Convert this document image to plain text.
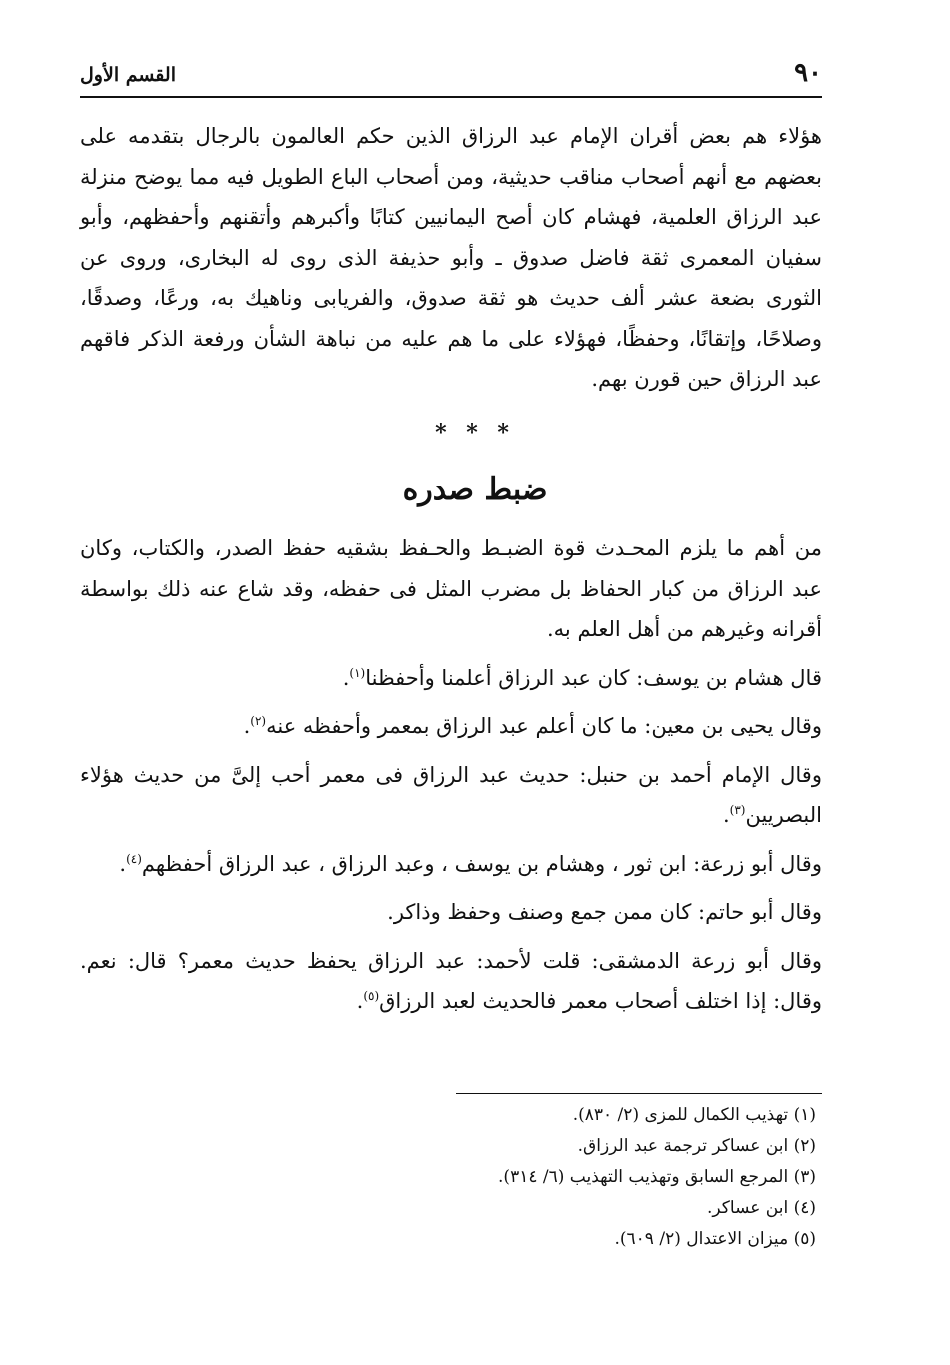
٩٠
القسم الأول
هؤلاء هم بعض أقران الإمام عبد الرزاق الذين حكم العالمون بالرجال بتقدمه على بعضهم مع أنهم أصحاب مناقب حديثية، ومن أصحاب الباع الطويل فيه مما يوضح منزلة عبد الرزاق العلمية، فهشام كان أصح اليمانيين كتابًا وأكبرهم وأتقنهم وأحفظهم، وأبو سفيان المعمرى ثقة فاضل صدوق ـ وأبو حذيفة الذى روى له البخارى، وروى عن الثورى بضعة عشر ألف حديث هو ثقة صدوق، والفريابى وناهيك به، ورعًا، وصدقًا، وصلاحًا، وإتقانًا، وحفظًا، فهؤلاء على ما هم عليه من نباهة الشأن ورفعة الذكر فاقهم عبد الرزاق حين قورن بهم.
* * *
ضبط صدره

من أهم ما يلزم المحـدث قوة الضبـط والحـفظ بشقيه حفظ الصدر، والكتاب، وكان عبد الرزاق من كبار الحفاظ بل مضرب المثل فى حفظه، وقد شاع عنه ذلك بواسطة أقرانه وغيرهم من أهل العلم به.

قال هشام بن يوسف: كان عبد الرزاق أعلمنا وأحفظنا$^{(١)}$.

وقال يحيى بن معين: ما كان أعلم عبد الرزاق بمعمر وأحفظه عنه$^{(٢)}$.

وقال الإمام أحمد بن حنبل: حديث عبد الرزاق فى معمر أحب إلىَّ من حديث هؤلاء البصريين$^{(٣)}$.

وقال أبو زرعة: ابن ثور ، وهشام بن يوسف ، وعبد الرزاق ، عبد الرزاق أحفظهم$^{(٤)}$.

وقال أبو حاتم: كان ممن جمع وصنف وحفظ وذاكر.

وقال أبو زرعة الدمشقى: قلت لأحمد: عبد الرزاق يحفظ حديث معمر؟ قال: نعم. وقال: إذا اختلف أصحاب معمر فالحديث لعبد الرزاق$^{(٥)}$.

(١) تهذيب الكمال للمزى (٢/ ٨٣٠).
(٢) ابن عساكر ترجمة عبد الرزاق.
(٣) المرجع السابق وتهذيب التهذيب (٦/ ٣١٤).
(٤) ابن عساكر.
(٥) ميزان الاعتدال (٢/ ٦٠٩).
